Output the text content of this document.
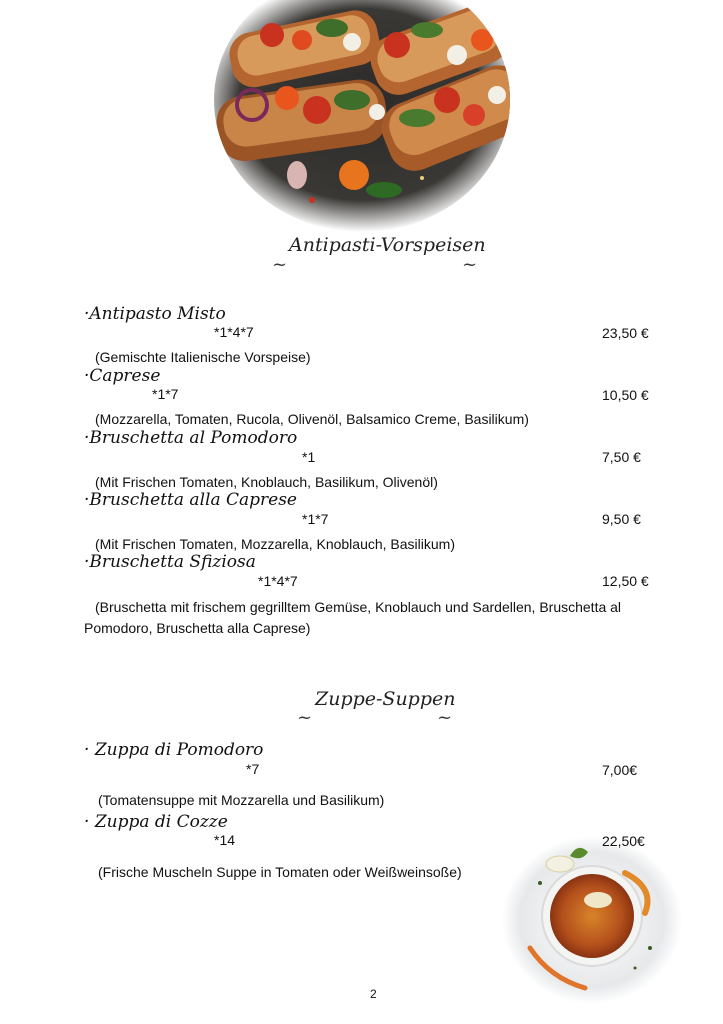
Antipasti-Vorspeisen
~	~
·Antipasto Misto
*1*4*7	23,50 €
(Gemischte Italienische Vorspeise)
·Caprese
*1*7	10,50 €
(Mozzarella, Tomaten, Rucola, Olivenöl, Balsamico Creme, Basilikum)
·Bruschetta al Pomodoro
*1	7,50 €
(Mit Frischen Tomaten, Knoblauch, Basilikum, Olivenöl)
·Bruschetta alla Caprese
*1*7	9,50 €
(Mit Frischen Tomaten, Mozzarella, Knoblauch, Basilikum)
·Bruschetta Sfiziosa
*1*4*7	12,50 €
(Bruschetta mit frischem gegrilltem Gemüse, Knoblauch und Sardellen, Bruschetta al Pomodoro, Bruschetta alla Caprese)
Zuppe-Suppen
~	~
· Zuppa di Pomodoro
*7	7,00€
(Tomatensuppe mit Mozzarella und Basilikum)
· Zuppa di Cozze
*14	22,50€
(Frische Muscheln Suppe in Tomaten oder Weißweinsoße)
2
